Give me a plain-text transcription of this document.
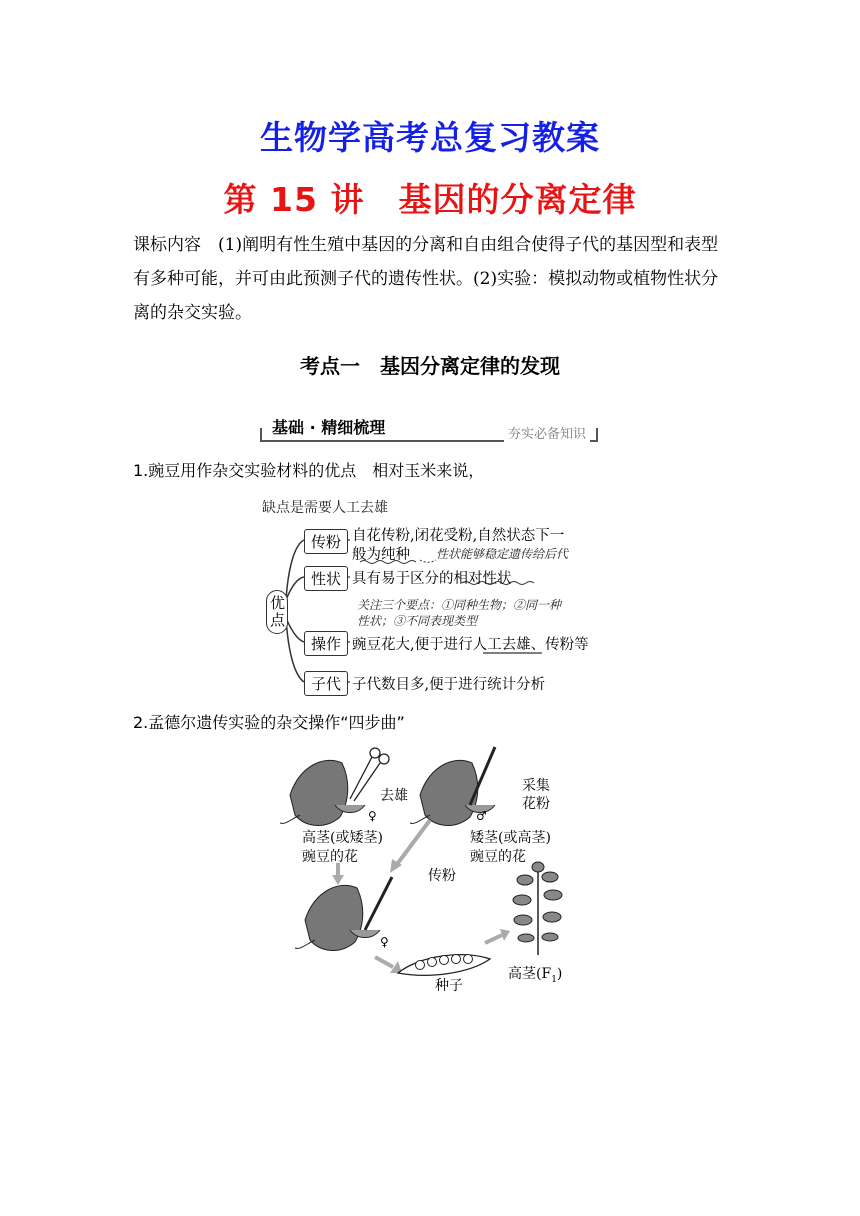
生物学高考总复习教案
第 15 讲　基因的分离定律
课标内容　(1)阐明有性生殖中基因的分离和自由组合使得子代的基因型和表型
有多种可能，并可由此预测子代的遗传性状。(2)实验：模拟动物或植物性状分
离的杂交实验。
考点一　基因分离定律的发现
基础 · 精细梳理	夯实必备知识
1.豌豆用作杂交实验材料的优点　相对玉米来说，
缺点是需要人工去雄
优点
传粉 自花传粉,闭花受粉,自然状态下一
般为纯种 性状能够稳定遗传给后代
性状 具有易于区分的相对性状
关注三个要点：①同种生物；②同一种
性状；③不同表现类型
操作 豌豆花大,便于进行人工去雄、传粉等
子代 子代数目多,便于进行统计分析
2.孟德尔遗传实验的杂交操作“四步曲”
去雄
♀
高茎(或矮茎)
豌豆的花
采集
花粉
♂
矮茎(或高茎)
豌豆的花
传粉
♀
种子
高茎$(F_1)$
